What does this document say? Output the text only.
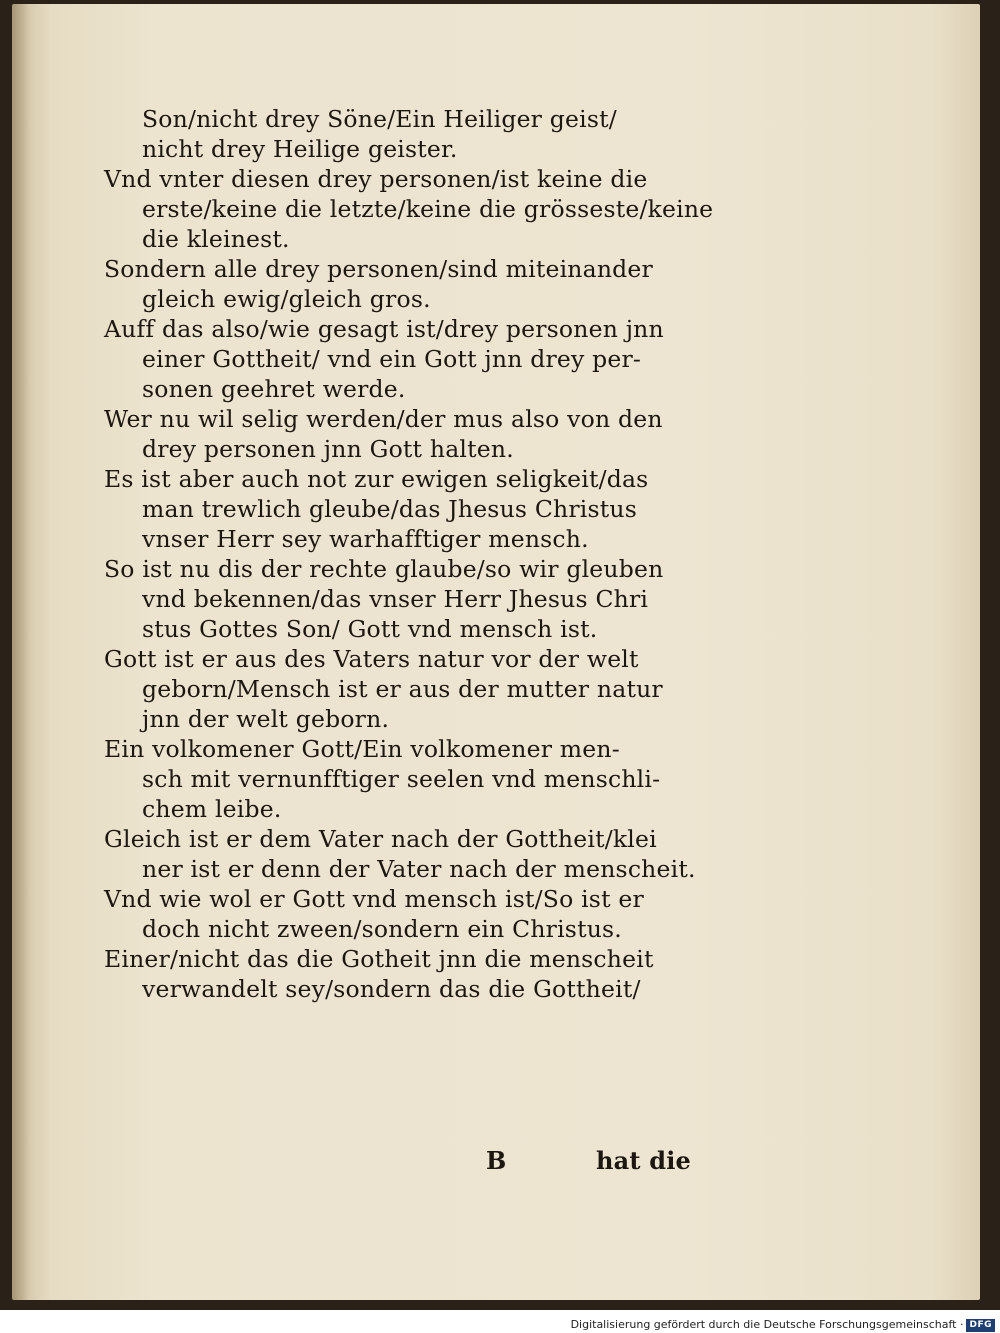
Son/nicht drey Söne/Ein Heiliger geist/
nicht drey Heilige geister.
Vnd vnter diesen drey personen/ist keine die
erste/keine die letzte/keine die grösseste/keine
die kleinest.
Sondern alle drey personen/sind miteinander
gleich ewig/gleich gros.
Auff das also/wie gesagt ist/drey personen jnn
einer Gottheit/ vnd ein Gott jnn drey per-
sonen geehret werde.
Wer nu wil selig werden/der mus also von den
drey personen jnn Gott halten.
Es ist aber auch not zur ewigen seligkeit/das
man trewlich gleube/das Jhesus Christus
vnser Herr sey warhafftiger mensch.
So ist nu dis der rechte glaube/so wir gleuben
vnd bekennen/das vnser Herr Jhesus Chri
stus Gottes Son/ Gott vnd mensch ist.
Gott ist er aus des Vaters natur vor der welt
geborn/Mensch ist er aus der mutter natur
jnn der welt geborn.
Ein volkomener Gott/Ein volkomener men-
sch mit vernunfftiger seelen vnd menschli-
chem leibe.
Gleich ist er dem Vater nach der Gottheit/klei
ner ist er denn der Vater nach der menscheit.
Vnd wie wol er Gott vnd mensch ist/So ist er
doch nicht zween/sondern ein Christus.
Einer/nicht das die Gotheit jnn die menscheit
verwandelt sey/sondern das die Gottheit/
B	hat die
Digitalisierung gefördert durch die Deutsche Forschungsgemeinschaft · DFG
